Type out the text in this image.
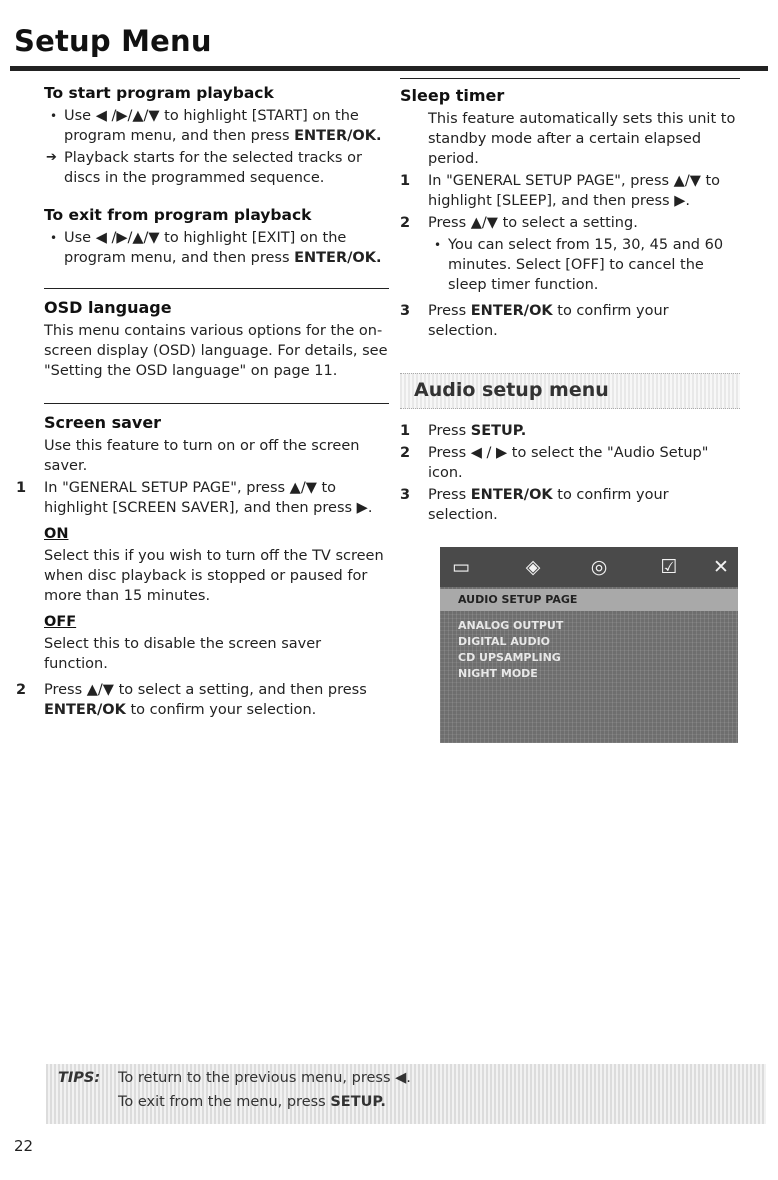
Setup Menu
To start program playback

• Use ◀ /▶/▲/▼ to highlight [START] on the program menu, and then press ENTER/OK.

➔ Playback starts for the selected tracks or discs in the programmed sequence.

To exit from program playback

• Use ◀ /▶/▲/▼ to highlight [EXIT] on the program menu, and then press ENTER/OK.

OSD language

This menu contains various options for the on-screen display (OSD) language. For details, see "Setting the OSD language" on page 11.

Screen saver

Use this feature to turn on or off the screen saver.

1 In "GENERAL SETUP PAGE", press ▲/▼ to highlight [SCREEN SAVER], and then press ▶.

ON

Select this if you wish to turn off the TV screen when disc playback is stopped or paused for more than 15 minutes.

OFF

Select this to disable the screen saver function.

2 Press ▲/▼ to select a setting, and then press ENTER/OK to confirm your selection.

Sleep timer

This feature automatically sets this unit to standby mode after a certain elapsed period.

1 In "GENERAL SETUP PAGE", press ▲/▼ to highlight [SLEEP], and then press ▶.

2 Press ▲/▼ to select a setting.

• You can select from 15, 30, 45 and 60 minutes. Select [OFF] to cancel the sleep timer function.

3 Press ENTER/OK to confirm your selection.

Audio setup menu

1 Press SETUP.

2 Press ◀ / ▶ to select the "Audio Setup" icon.

3 Press ENTER/OK to confirm your selection.

▭	◈	◎	☑ ✕
AUDIO SETUP PAGE
ANALOG OUTPUT
DIGITAL AUDIO
CD UPSAMPLING
NIGHT MODE
TIPS: To return to the previous menu, press ◀.
To exit from the menu, press SETUP.
22
